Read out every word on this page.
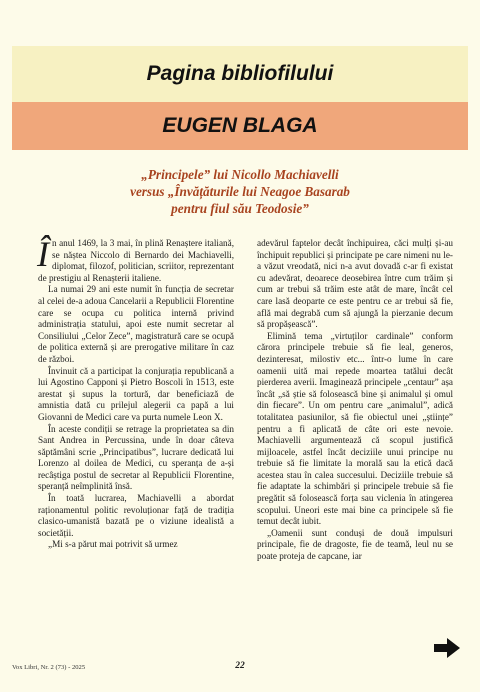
Pagina bibliofilului
EUGEN BLAGA
„Principele” lui Nicollo Machiavelli
versus „Învățăturile lui Neagoe Basarab
pentru fiul său Teodosie”

În anul 1469, la 3 mai, în plină Renaștere italiană, se năștea Niccolo di Bernardo dei Machiavelli, diplomat, filozof, politician, scriitor, reprezentant de prestigiu al Renașterii italiene.

La numai 29 ani este numit în funcția de secretar al celei de-a adoua Cancelarii a Republicii Florentine care se ocupa cu politica internă privind administrația statului, apoi este numit secretar al Consiliului „Celor Zece”, magistratură care se ocupă de politica externă și are prerogative militare în caz de război.

Învinuit că a participat la conjurația republicană a lui Agostino Capponi și Pietro Boscoli în 1513, este arestat și supus la tortură, dar beneficiază de amnistia dată cu prilejul alegerii ca papă a lui Giovanni de Medici care va purta numele Leon X.

În aceste condiții se retrage la proprietatea sa din Sant Andrea in Percussina, unde în doar câteva săptămâni scrie „Principatibus”, lucrare dedicată lui Lorenzo al doilea de Medici, cu speranța de a-și recâștiga postul de secretar al Republicii Florentine, speranță neîmplinită însă.

În toată lucrarea, Machiavelli a abordat raționamentul politic revoluționar față de tradiția clasico-umanistă bazată pe o viziune idealistă a societății.

„Mi s-a părut mai potrivit să urmez

adevărul faptelor decât închipuirea, căci mulți și-au închipuit republici și principate pe care nimeni nu le-a văzut vreodată, nici n-a avut dovadă c-ar fi existat cu adevărat, deoarece deosebirea între cum trăim și cum ar trebui să trăim este atât de mare, încât cel care lasă deoparte ce este pentru ce ar trebui să fie, află mai degrabă cum să ajungă la pierzanie decum să propășească”.

Elimină tema „virtuților cardinale” conform cărora principele trebuie să fie leal, generos, dezinteresat, milostiv etc... într-o lume în care oamenii uită mai repede moartea tatălui decât pierderea averii. Imaginează principele „centaur” așa încât „să știe să folosească bine și animalul și omul din fiecare”. Un om pentru care „animalul”, adică totalitatea pasiunilor, să fie obiectul unei „științe” pentru a fi aplicată de câte ori este nevoie. Machiavelli argumentează că scopul justifică mijloacele, astfel încât deciziile unui principe nu trebuie să fie limitate la morală sau la etică dacă acestea stau în calea succesului. Deciziile trebuie să fie adaptate la schimbări și principele trebuie să fie pregătit să folosească forța sau viclenia în atingerea scopului. Uneori este mai bine ca principele să fie temut decât iubit.

„Oamenii sunt conduși de două impulsuri principale, fie de dragoste, fie de teamă, leul nu se poate proteja de capcane, iar

Vox Libri, Nr. 2 (73) - 2025	22
